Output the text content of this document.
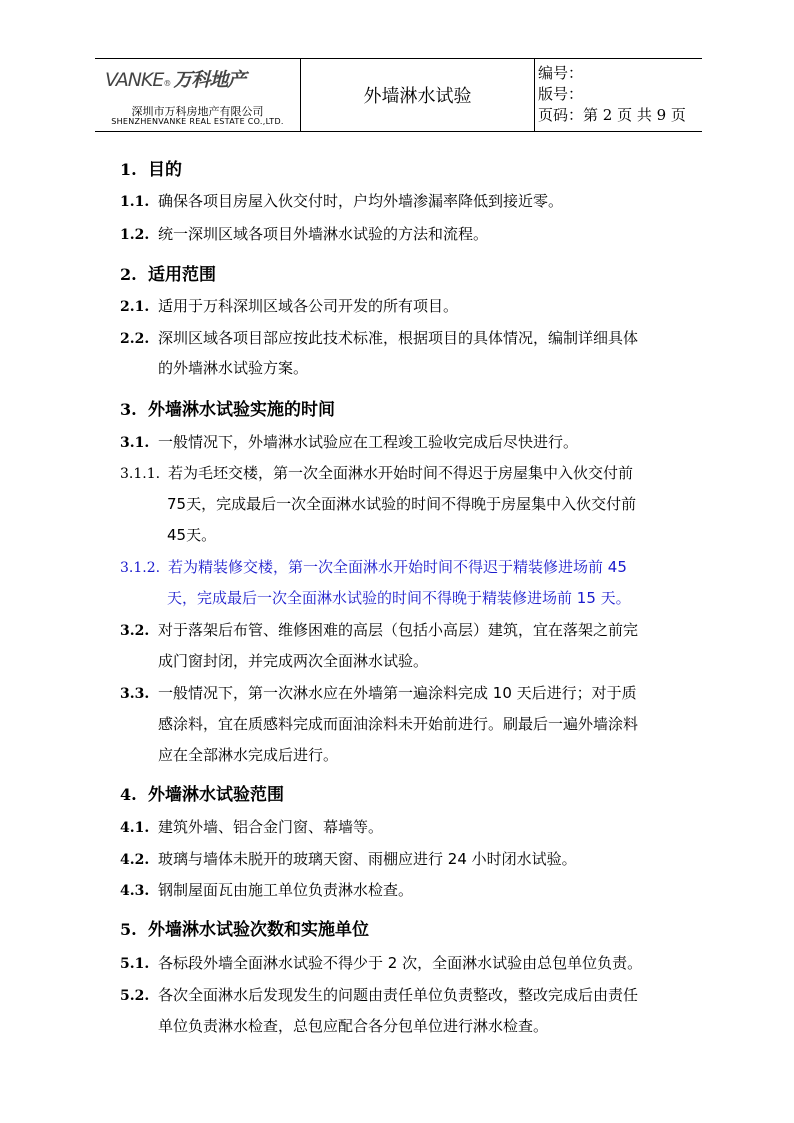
VANKE ® 万科地产
深圳市万科房地产有限公司
SHENZHENVANKE REAL ESTATE CO.,LTD.
外墙淋水试验
编号：
版号：
页码：第 2 页 共 9 页
1. 目的
1.1. 确保各项目房屋入伙交付时，户均外墙渗漏率降低到接近零。
1.2. 统一深圳区域各项目外墙淋水试验的方法和流程。
2. 适用范围
2.1. 适用于万科深圳区域各公司开发的所有项目。
2.2. 深圳区域各项目部应按此技术标准，根据项目的具体情况，编制详细具体
的外墙淋水试验方案。
3. 外墙淋水试验实施的时间
3.1. 一般情况下，外墙淋水试验应在工程竣工验收完成后尽快进行。
3.1.1. 若为毛坯交楼，第一次全面淋水开始时间不得迟于房屋集中入伙交付前
75天，完成最后一次全面淋水试验的时间不得晚于房屋集中入伙交付前
45天。
3.1.2. 若为精装修交楼，第一次全面淋水开始时间不得迟于精装修进场前 45
天，完成最后一次全面淋水试验的时间不得晚于精装修进场前 15 天。
3.2. 对于落架后布管、维修困难的高层（包括小高层）建筑，宜在落架之前完
成门窗封闭，并完成两次全面淋水试验。
3.3. 一般情况下，第一次淋水应在外墙第一遍涂料完成 10 天后进行；对于质
感涂料，宜在质感料完成而面油涂料未开始前进行。刷最后一遍外墙涂料
应在全部淋水完成后进行。
4. 外墙淋水试验范围
4.1. 建筑外墙、铝合金门窗、幕墙等。
4.2. 玻璃与墙体未脱开的玻璃天窗、雨棚应进行 24 小时闭水试验。
4.3. 钢制屋面瓦由施工单位负责淋水检查。
5. 外墙淋水试验次数和实施单位
5.1. 各标段外墙全面淋水试验不得少于 2 次，全面淋水试验由总包单位负责。
5.2. 各次全面淋水后发现发生的问题由责任单位负责整改，整改完成后由责任
单位负责淋水检查，总包应配合各分包单位进行淋水检查。
